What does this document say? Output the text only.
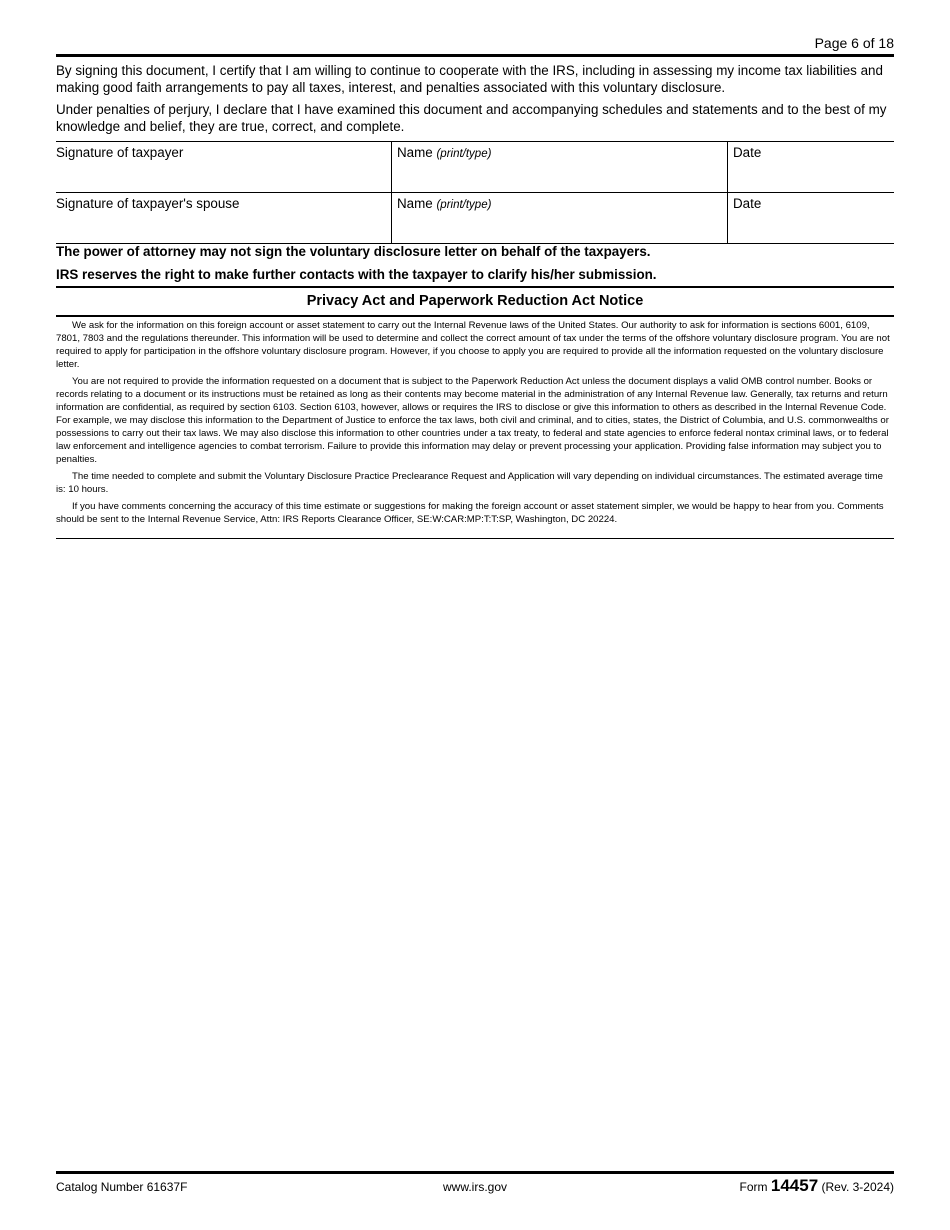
Page 6 of 18

By signing this document, I certify that I am willing to continue to cooperate with the IRS, including in assessing my income tax liabilities and making good faith arrangements to pay all taxes, interest, and penalties associated with this voluntary disclosure.

Under penalties of perjury, I declare that I have examined this document and accompanying schedules and statements and to the best of my knowledge and belief, they are true, correct, and complete.

Signature of taxpayer	Name (print/type)	Date
Signature of taxpayer's spouse	Name (print/type)	Date

The power of attorney may not sign the voluntary disclosure letter on behalf of the taxpayers.

IRS reserves the right to make further contacts with the taxpayer to clarify his/her submission.

Privacy Act and Paperwork Reduction Act Notice

We ask for the information on this foreign account or asset statement to carry out the Internal Revenue laws of the United States. Our authority to ask for information is sections 6001, 6109, 7801, 7803 and the regulations thereunder. This information will be used to determine and collect the correct amount of tax under the terms of the offshore voluntary disclosure program. You are not required to apply for participation in the offshore voluntary disclosure program. However, if you choose to apply you are required to provide all the information requested on the voluntary disclosure letter.

You are not required to provide the information requested on a document that is subject to the Paperwork Reduction Act unless the document displays a valid OMB control number. Books or records relating to a document or its instructions must be retained as long as their contents may become material in the administration of any Internal Revenue law. Generally, tax returns and return information are confidential, as required by section 6103. Section 6103, however, allows or requires the IRS to disclose or give this information to others as described in the Internal Revenue Code. For example, we may disclose this information to the Department of Justice to enforce the tax laws, both civil and criminal, and to cities, states, the District of Columbia, and U.S. commonwealths or possessions to carry out their tax laws. We may also disclose this information to other countries under a tax treaty, to federal and state agencies to enforce federal nontax criminal laws, or to federal law enforcement and intelligence agencies to combat terrorism. Failure to provide this information may delay or prevent processing your application. Providing false information may subject you to penalties.

The time needed to complete and submit the Voluntary Disclosure Practice Preclearance Request and Application will vary depending on individual circumstances. The estimated average time is: 10 hours.

If you have comments concerning the accuracy of this time estimate or suggestions for making the foreign account or asset statement simpler, we would be happy to hear from you. Comments should be sent to the Internal Revenue Service, Attn: IRS Reports Clearance Officer, SE:W:CAR:MP:T:T:SP, Washington, DC 20224.

Catalog Number 61637F	www.irs.gov	Form 14457 (Rev. 3-2024)
